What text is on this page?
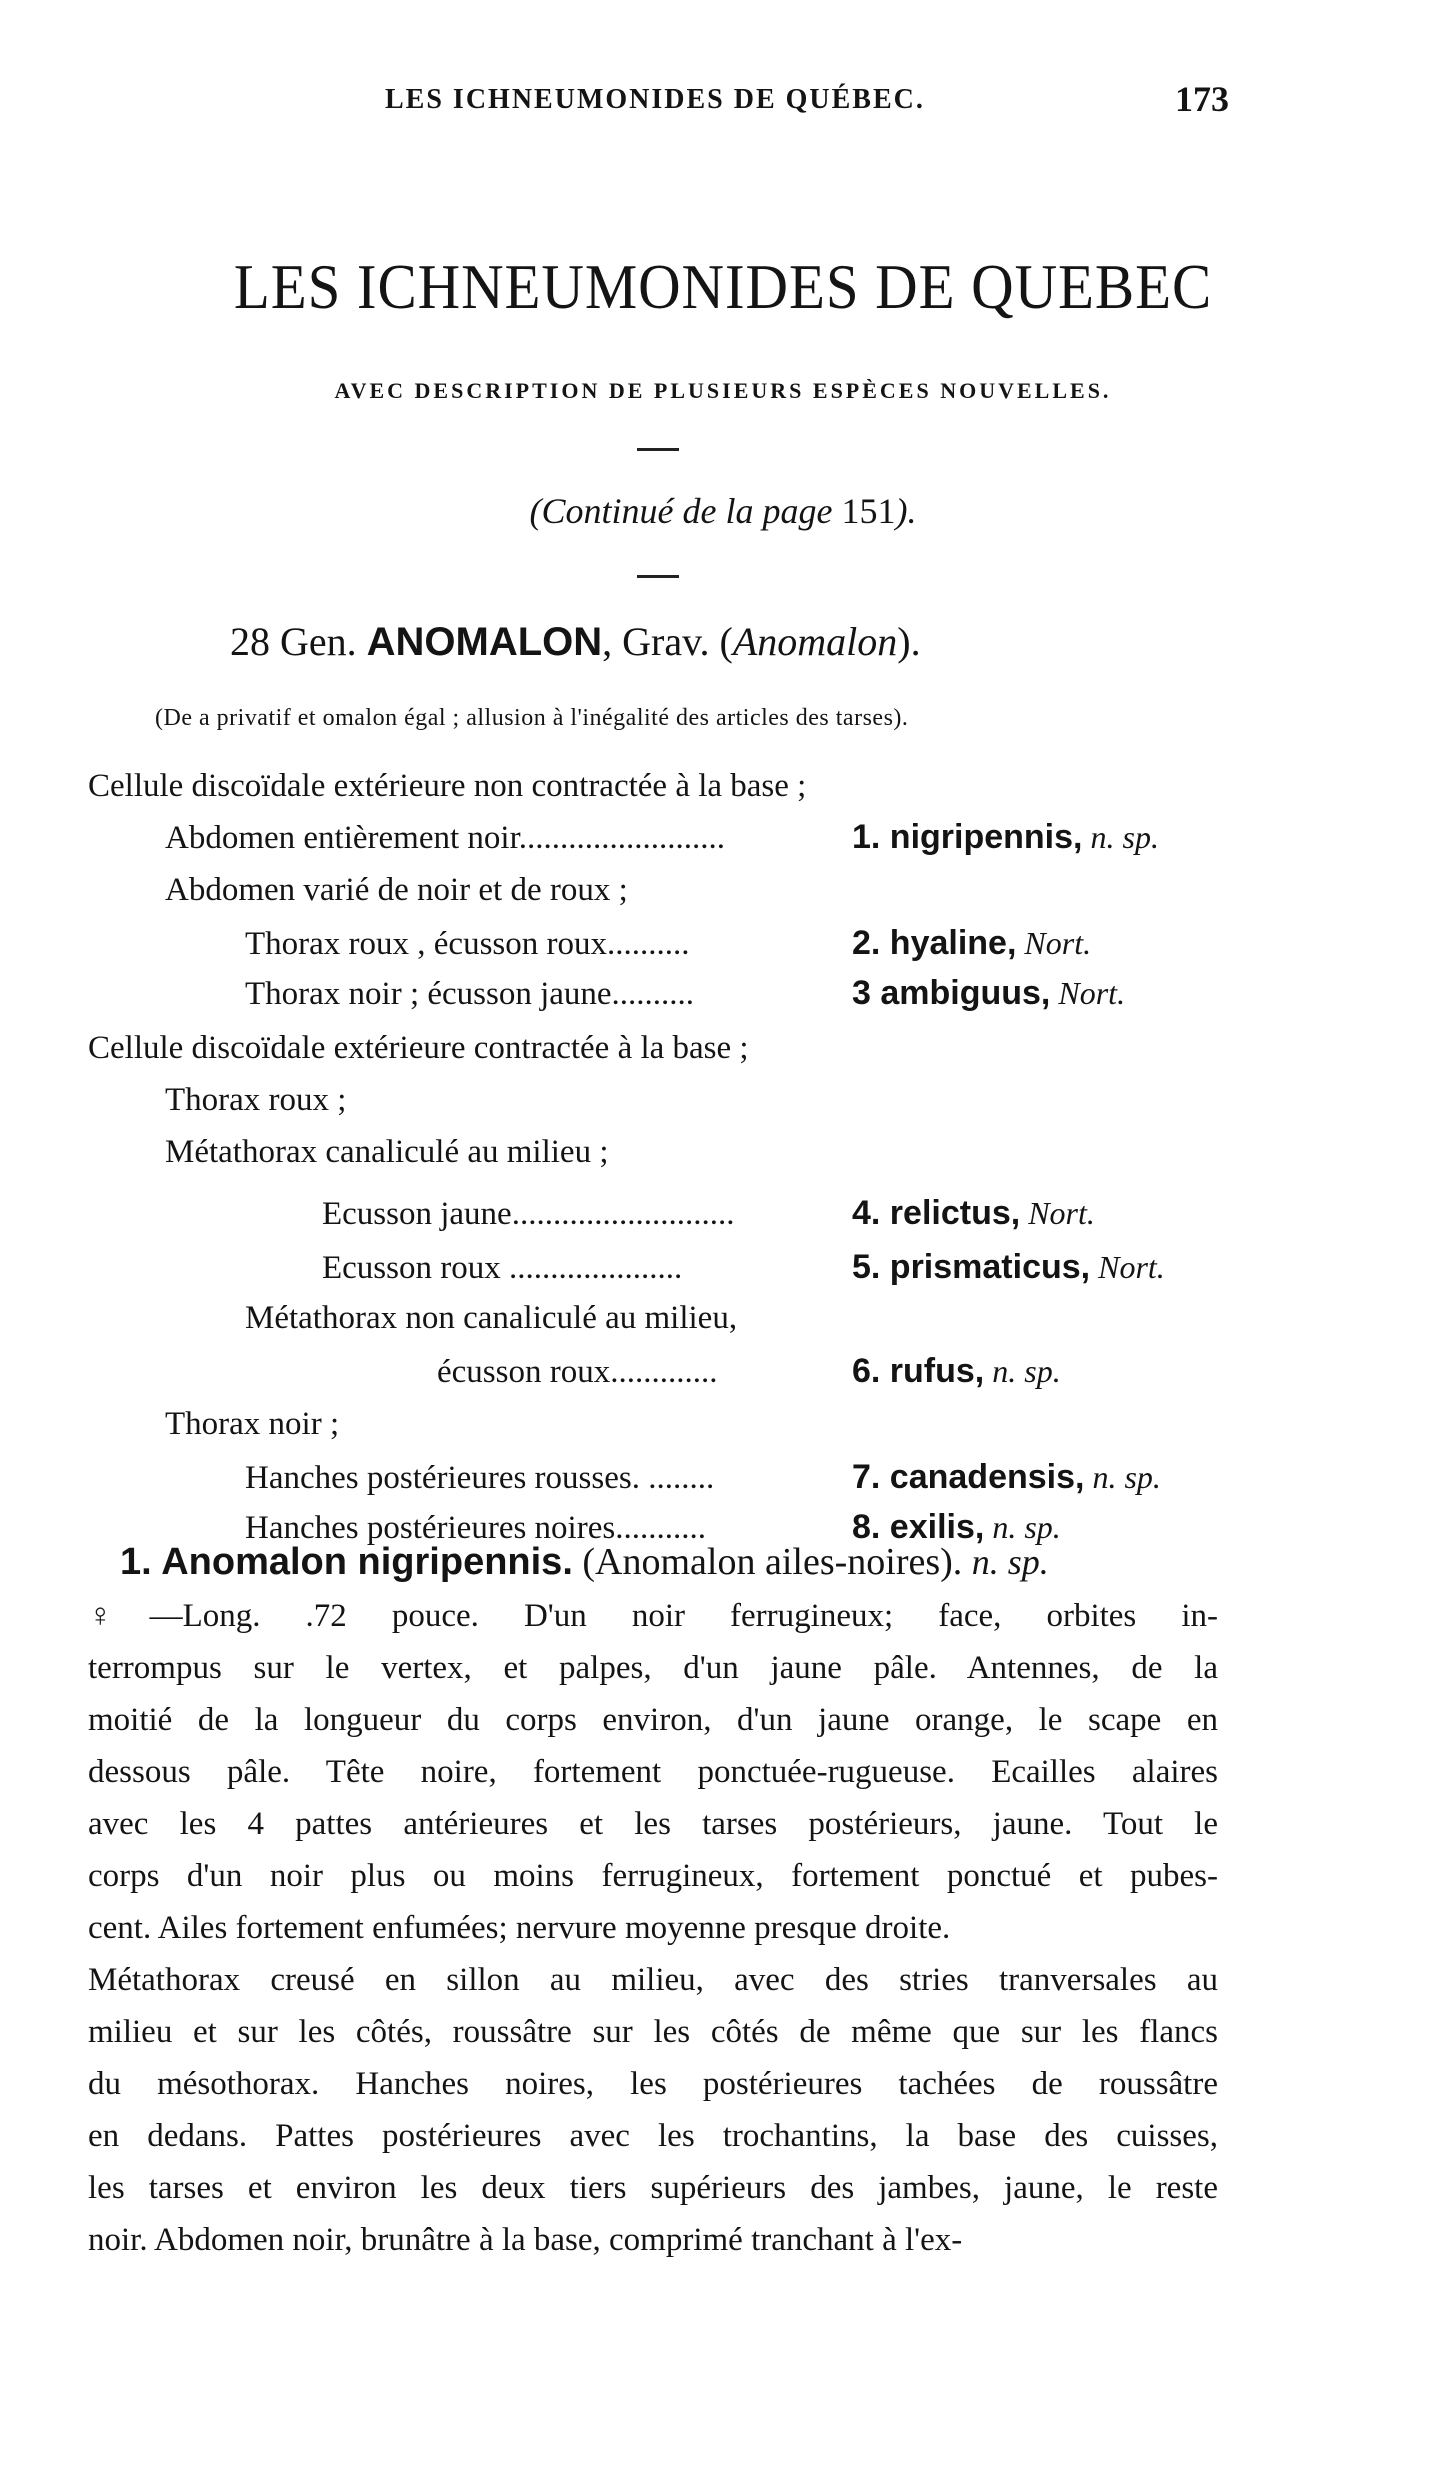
LES ICHNEUMONIDES DE QUÉBEC.	173
LES ICHNEUMONIDES DE QUEBEC
AVEC DESCRIPTION DE PLUSIEURS ESPÈCES NOUVELLES.
(Continué de la page 151).
28 Gen. ANOMALON, Grav. (Anomalon).
(De a privatif et omalon égal ; allusion à l'inégalité des articles des tarses).
Cellule discoïdale extérieure non contractée à la base ;
Abdomen entièrement noir.........................	1. nigripennis, n. sp.
Abdomen varié de noir et de roux ;
Thorax roux , écusson roux..........	2. hyaline, Nort.
Thorax noir ; écusson jaune..........	3 ambiguus, Nort.
Cellule discoïdale extérieure contractée à la base ;
Thorax roux ;
Métathorax canaliculé au milieu ;
Ecusson jaune...........................	4. relictus, Nort.
Ecusson roux .....................	5. prismaticus, Nort.
Métathorax non canaliculé au milieu,
écusson roux.............	6. rufus, n. sp.
Thorax noir ;
Hanches postérieures rousses. ........	7. canadensis, n. sp.
Hanches postérieures noires...........	8. exilis, n. sp.
1. Anomalon nigripennis. (Anomalon ailes-noires). n. sp.
♀—Long. .72 pouce. D'un noir ferrugineux; face, orbites in-
terrompus sur le vertex, et palpes, d'un jaune pâle. Antennes, de la
moitié de la longueur du corps environ, d'un jaune orange, le scape en
dessous pâle. Tête noire, fortement ponctuée-rugueuse. Ecailles alaires
avec les 4 pattes antérieures et les tarses postérieurs, jaune. Tout le
corps d'un noir plus ou moins ferrugineux, fortement ponctué et pubes-
cent. Ailes fortement enfumées; nervure moyenne presque droite.
Métathorax creusé en sillon au milieu, avec des stries tranversales au
milieu et sur les côtés, roussâtre sur les côtés de même que sur les flancs
du mésothorax. Hanches noires, les postérieures tachées de roussâtre
en dedans. Pattes postérieures avec les trochantins, la base des cuisses,
les tarses et environ les deux tiers supérieurs des jambes, jaune, le reste
noir. Abdomen noir, brunâtre à la base, comprimé tranchant à l'ex-
